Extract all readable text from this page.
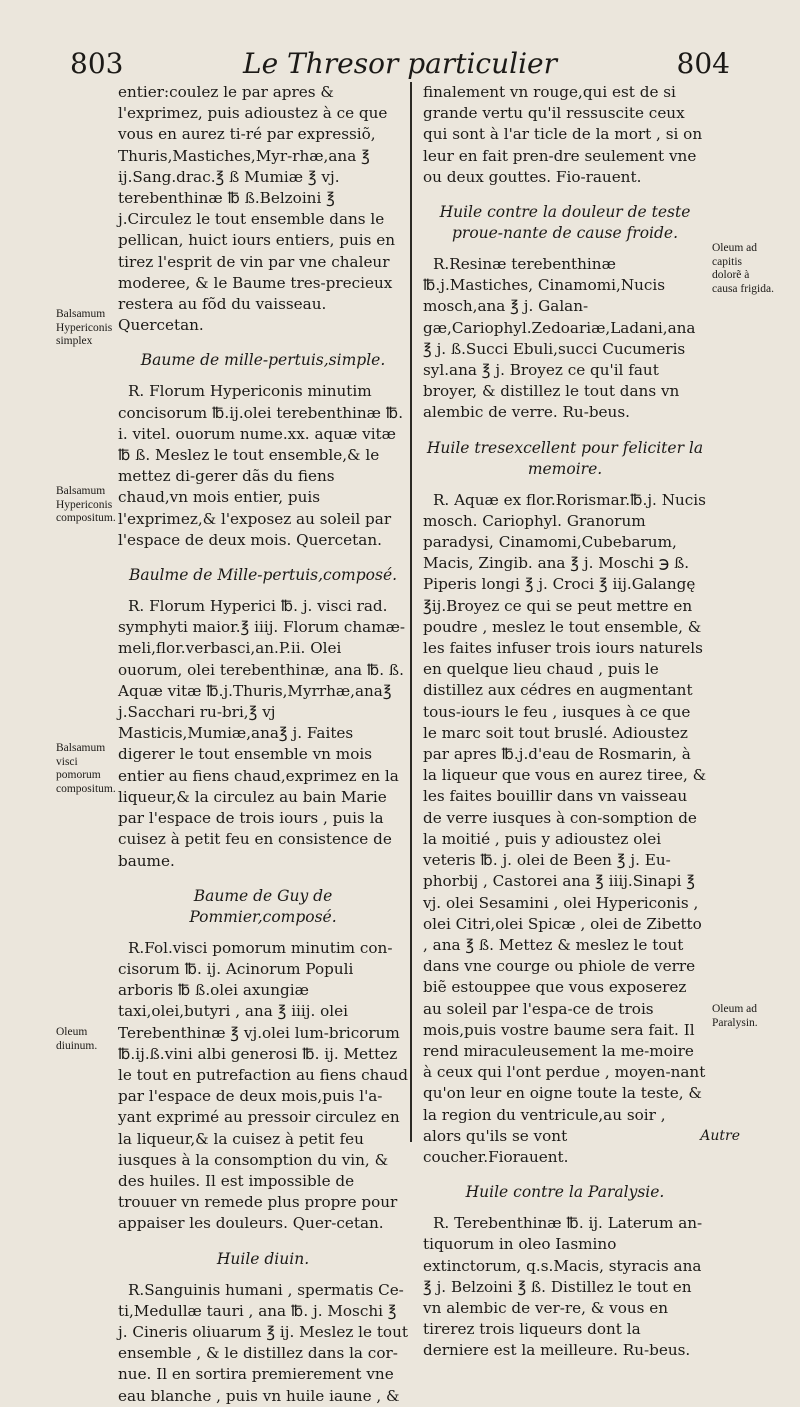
803	Le Thresor particulier	804

entier:coulez le par apres & l'exprimez, puis adioustez à ce que vous en aurez ti-ré par expressiõ, Thuris,Mastiches,Myr-rhæ,ana ℥ ij.Sang.drac.℥ ß Mumiæ ℥ vj. terebenthinæ ℔ ß.Belzoini ℥ j.Circulez le tout ensemble dans le pellican, huict iours entiers, puis en tirez l'esprit de vin par vne chaleur moderee, & le Baume tres-precieux restera au fõd du vaisseau. Quercetan.

Baume de mille-pertuis,simple.

R. Florum Hypericonis minutim concisorum ℔.ij.olei terebenthinæ ℔. i. vitel. ouorum nume.xx. aquæ vitæ ℔ ß. Meslez le tout ensemble,& le mettez di-gerer dãs du fiens chaud,vn mois entier, puis l'exprimez,& l'exposez au soleil par l'espace de deux mois. Quercetan.

Baulme de Mille-pertuis,composé.

R. Florum Hyperici ℔. j. visci rad. symphyti maior.℥ iiij. Florum chamæ-meli,flor.verbasci,an.P.ii. Olei ouorum, olei terebenthinæ, ana ℔. ß. Aquæ vitæ ℔.j.Thuris,Myrrhæ,ana℥ j.Sacchari ru-bri,℥ vj Masticis,Mumiæ,ana℥ j. Faites digerer le tout ensemble vn mois entier au fiens chaud,exprimez en la liqueur,& la circulez au bain Marie par l'espace de trois iours , puis la cuisez à petit feu en consistence de baume.

Baume de Guy de Pommier,composé.

R.Fol.visci pomorum minutim con-cisorum ℔. ij. Acinorum Populi arboris ℔ ß.olei axungiæ taxi,olei,butyri , ana ℥ iiij. olei Terebenthinæ ℥ vj.olei lum-bricorum ℔.ij.ß.vini albi generosi ℔. ij. Mettez le tout en putrefaction au fiens chaud par l'espace de deux mois,puis l'a-yant exprimé au pressoir circulez en la liqueur,& la cuisez à petit feu iusques à la consomption du vin, & des huiles. Il est impossible de trouuer vn remede plus propre pour appaiser les douleurs. Quer-cetan.

Huile diuin.

R.Sanguinis humani , spermatis Ce-ti,Medullæ tauri , ana ℔. j. Moschi ℥ j. Cineris oliuarum ℥ ij. Meslez le tout ensemble , & le distillez dans la cor-nue. Il en sortira premierement vne eau blanche , puis vn huile iaune , &

finalement vn rouge,qui est de si grande vertu qu'il ressuscite ceux qui sont à l'ar ticle de la mort , si on leur en fait pren-dre seulement vne ou deux gouttes. Fio-rauent.

Huile contre la douleur de teste proue-nante de cause froide.

R.Resinæ terebenthinæ ℔.j.Mastiches, Cinamomi,Nucis mosch,ana ℥ j. Galan-gæ,Cariophyl.Zedoariæ,Ladani,ana ℥ j. ß.Succi Ebuli,succi Cucumeris syl.ana ℥ j. Broyez ce qu'il faut broyer, & distillez le tout dans vn alembic de verre. Ru-beus.

Huile tresexcellent pour feliciter la memoire.

R. Aquæ ex flor.Rorismar.℔.j. Nucis mosch. Cariophyl. Granorum paradysi, Cinamomi,Cubebarum, Macis, Zingib. ana ℥ j. Moschi ℈ ß. Piperis longi ℥ j. Croci ℥ iij.Galangę ℥ij.Broyez ce qui se peut mettre en poudre , meslez le tout ensemble, & les faites infuser trois iours naturels en quelque lieu chaud , puis le distillez aux cédres en augmentant tous-iours le feu , iusques à ce que le marc soit tout bruslé. Adioustez par apres ℔.j.d'eau de Rosmarin, à la liqueur que vous en aurez tiree, & les faites bouillir dans vn vaisseau de verre iusques à con-somption de la moitié , puis y adioustez olei veteris ℔. j. olei de Been ℥ j. Eu-phorbij , Castorei ana ℥ iiij.Sinapi ℥ vj. olei Sesamini , olei Hypericonis , olei Citri,olei Spicæ , olei de Zibetto , ana ℥ ß. Mettez & meslez le tout dans vne courge ou phiole de verre biẽ estouppee que vous exposerez au soleil par l'espa-ce de trois mois,puis vostre baume sera fait. Il rend miraculeusement la me-moire à ceux qui l'ont perdue , moyen-nant qu'on leur en oigne toute la teste, & la region du ventricule,au soir , alors qu'ils se vont coucher.Fiorauent.

Huile contre la Paralysie.

R. Terebenthinæ ℔. ij. Laterum an-tiquorum in oleo Iasmino extinctorum, q.s.Macis, styracis ana ℥ j. Belzoini ℥ ß. Distillez le tout en vn alembic de ver-re, & vous en tirerez trois liqueurs dont la derniere est la meilleure. Ru-beus.

Balsamum Hypericonis simplex
Balsamum Hypericonis compositum.
Balsamum visci pomorum compositum.
Oleum diuinum.
Oleum ad capitis dolorẽ à causa frigida.
Oleum ad Paralysin.
Autre
